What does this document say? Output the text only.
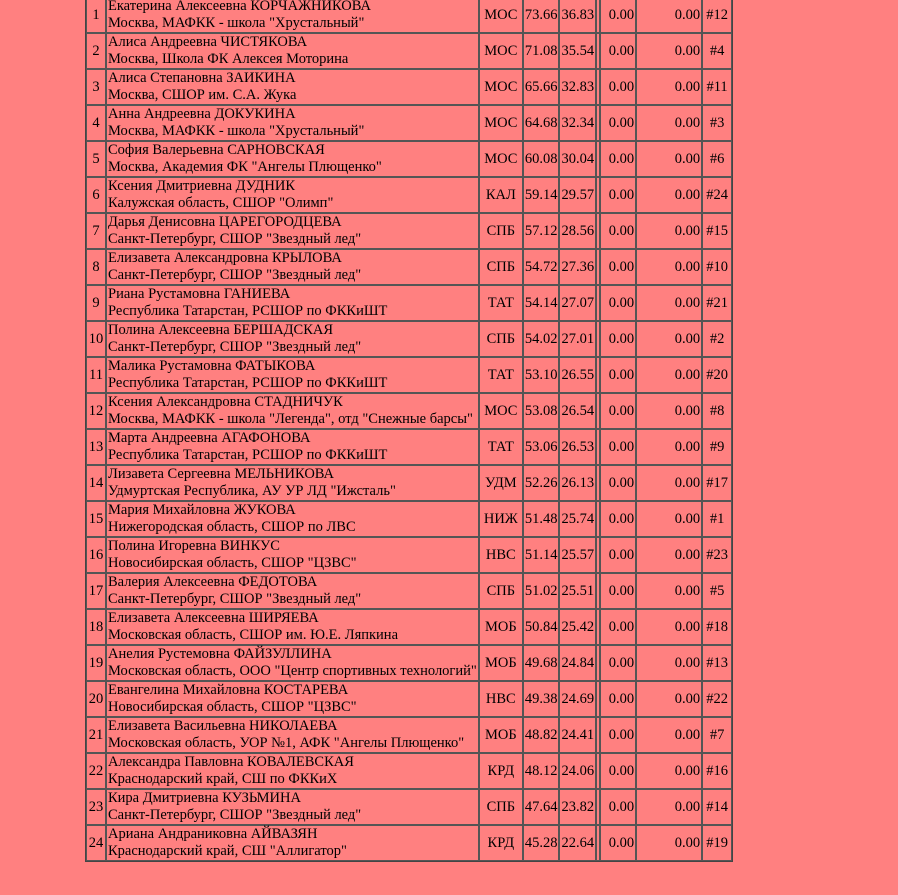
1	Екатерина Алексеевна КОРЧАЖНИКОВА
Москва, МАФКК - школа "Хрустальный"	МОС	73.66	36.83		0.00	0.00	#12
2	Алиса Андреевна ЧИСТЯКОВА
Москва, Школа ФК Алексея Моторина	МОС	71.08	35.54		0.00	0.00	#4
3	Алиса Степановна ЗАИКИНА
Москва, СШОР им. С.А. Жука	МОС	65.66	32.83		0.00	0.00	#11
4	Анна Андреевна ДОКУКИНА
Москва, МАФКК - школа "Хрустальный"	МОС	64.68	32.34		0.00	0.00	#3
5	София Валерьевна САРНОВСКАЯ
Москва, Академия ФК "Ангелы Плющенко"	МОС	60.08	30.04		0.00	0.00	#6
6	Ксения Дмитриевна ДУДНИК
Калужская область, СШОР "Олимп"	КАЛ	59.14	29.57		0.00	0.00	#24
7	Дарья Денисовна ЦАРЕГОРОДЦЕВА
Санкт-Петербург, СШОР "Звездный лед"	СПБ	57.12	28.56		0.00	0.00	#15
8	Елизавета Александровна КРЫЛОВА
Санкт-Петербург, СШОР "Звездный лед"	СПБ	54.72	27.36		0.00	0.00	#10
9	Риана Рустамовна ГАНИЕВА
Республика Татарстан, РСШОР по ФККиШТ	ТАТ	54.14	27.07		0.00	0.00	#21
10	Полина Алексеевна БЕРШАДСКАЯ
Санкт-Петербург, СШОР "Звездный лед"	СПБ	54.02	27.01		0.00	0.00	#2
11	Малика Рустамовна ФАТЫКОВА
Республика Татарстан, РСШОР по ФККиШТ	ТАТ	53.10	26.55		0.00	0.00	#20
12	Ксения Александровна СТАДНИЧУК
Москва, МАФКК - школа "Легенда", отд "Снежные барсы"	МОС	53.08	26.54		0.00	0.00	#8
13	Марта Андреевна АГАФОНОВА
Республика Татарстан, РСШОР по ФККиШТ	ТАТ	53.06	26.53		0.00	0.00	#9
14	Лизавета Сергеевна МЕЛЬНИКОВА
Удмуртская Республика, АУ УР ЛД "Ижсталь"	УДМ	52.26	26.13		0.00	0.00	#17
15	Мария Михайловна ЖУКОВА
Нижегородская область, СШОР по ЛВС	НИЖ	51.48	25.74		0.00	0.00	#1
16	Полина Игоревна ВИНКУС
Новосибирская область, СШОР "ЦЗВС"	НВС	51.14	25.57		0.00	0.00	#23
17	Валерия Алексеевна ФЕДОТОВА
Санкт-Петербург, СШОР "Звездный лед"	СПБ	51.02	25.51		0.00	0.00	#5
18	Елизавета Алексеевна ШИРЯЕВА
Московская область, СШОР им. Ю.Е. Ляпкина	МОБ	50.84	25.42		0.00	0.00	#18
19	Анелия Рустемовна ФАЙЗУЛЛИНА
Московская область, ООО "Центр спортивных технологий"	МОБ	49.68	24.84		0.00	0.00	#13
20	Евангелина Михайловна КОСТАРЕВА
Новосибирская область, СШОР "ЦЗВС"	НВС	49.38	24.69		0.00	0.00	#22
21	Елизавета Васильевна НИКОЛАЕВА
Московская область, УОР №1, АФК "Ангелы Плющенко"	МОБ	48.82	24.41		0.00	0.00	#7
22	Александра Павловна КОВАЛЕВСКАЯ
Краснодарский край, СШ по ФККиХ	КРД	48.12	24.06		0.00	0.00	#16
23	Кира Дмитриевна КУЗЬМИНА
Санкт-Петербург, СШОР "Звездный лед"	СПБ	47.64	23.82		0.00	0.00	#14
24	Ариана Андраниковна АЙВАЗЯН
Краснодарский край, СШ "Аллигатор"	КРД	45.28	22.64		0.00	0.00	#19
